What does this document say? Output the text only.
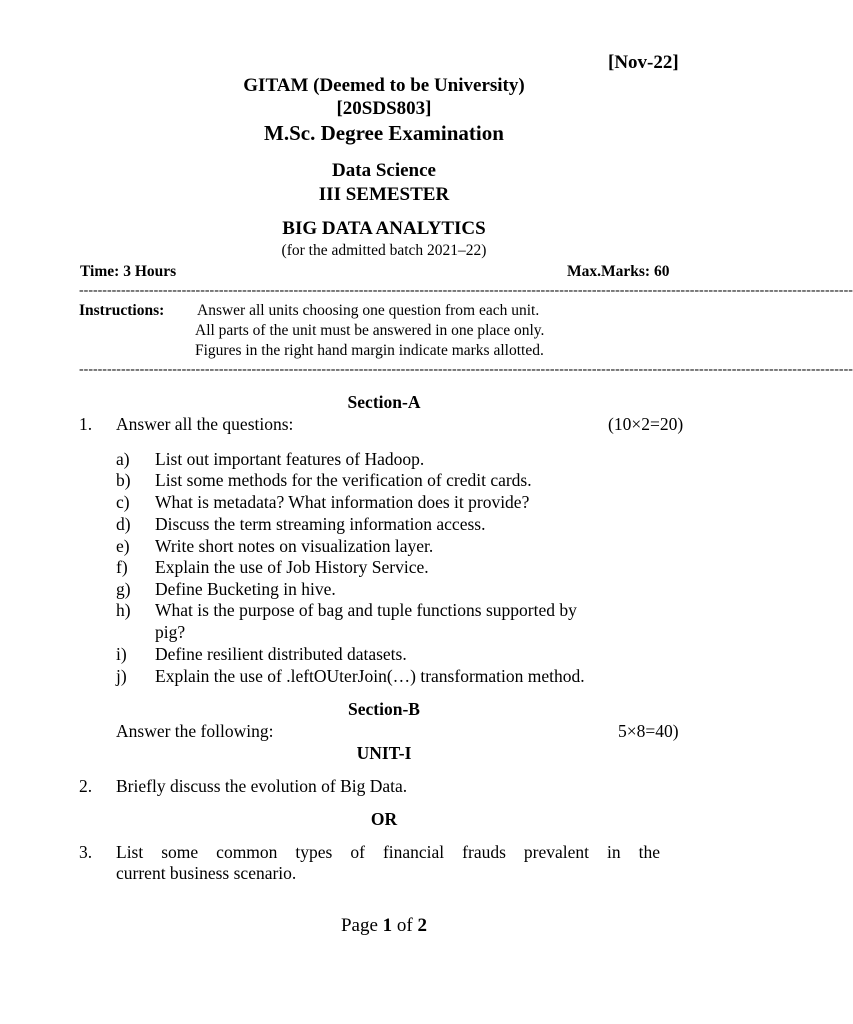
[Nov-22]
GITAM (Deemed to be University)
[20SDS803]
M.Sc. Degree Examination
Data Science
III SEMESTER
BIG DATA ANALYTICS
(for the admitted batch 2021–22)
Time: 3 Hours	Max.Marks: 60
----------------------------------------------------------------------------------------------------------------------------------------------------------------------
Instructions: Answer all units choosing one question from each unit.
All parts of the unit must be answered in one place only.
Figures in the right hand margin indicate marks allotted.
----------------------------------------------------------------------------------------------------------------------------------------------------------------------
Section-A
1. Answer all the questions:	(10×2=20)
a) List out important features of Hadoop.
b) List some methods for the verification of credit cards.
c) What is metadata? What information does it provide?
d) Discuss the term streaming information access.
e) Write short notes on visualization layer.
f) Explain the use of Job History Service.
g) Define Bucketing in hive.
h) What is the purpose of bag and tuple functions supported by
pig?
i) Define resilient distributed datasets.
j) Explain the use of .leftOUterJoin(…) transformation method.
Section-B
Answer the following:	5×8=40)
UNIT-I
2. Briefly discuss the evolution of Big Data.
OR
3. List some common types of financial frauds prevalent in the
current business scenario.
Page 1 of 2
